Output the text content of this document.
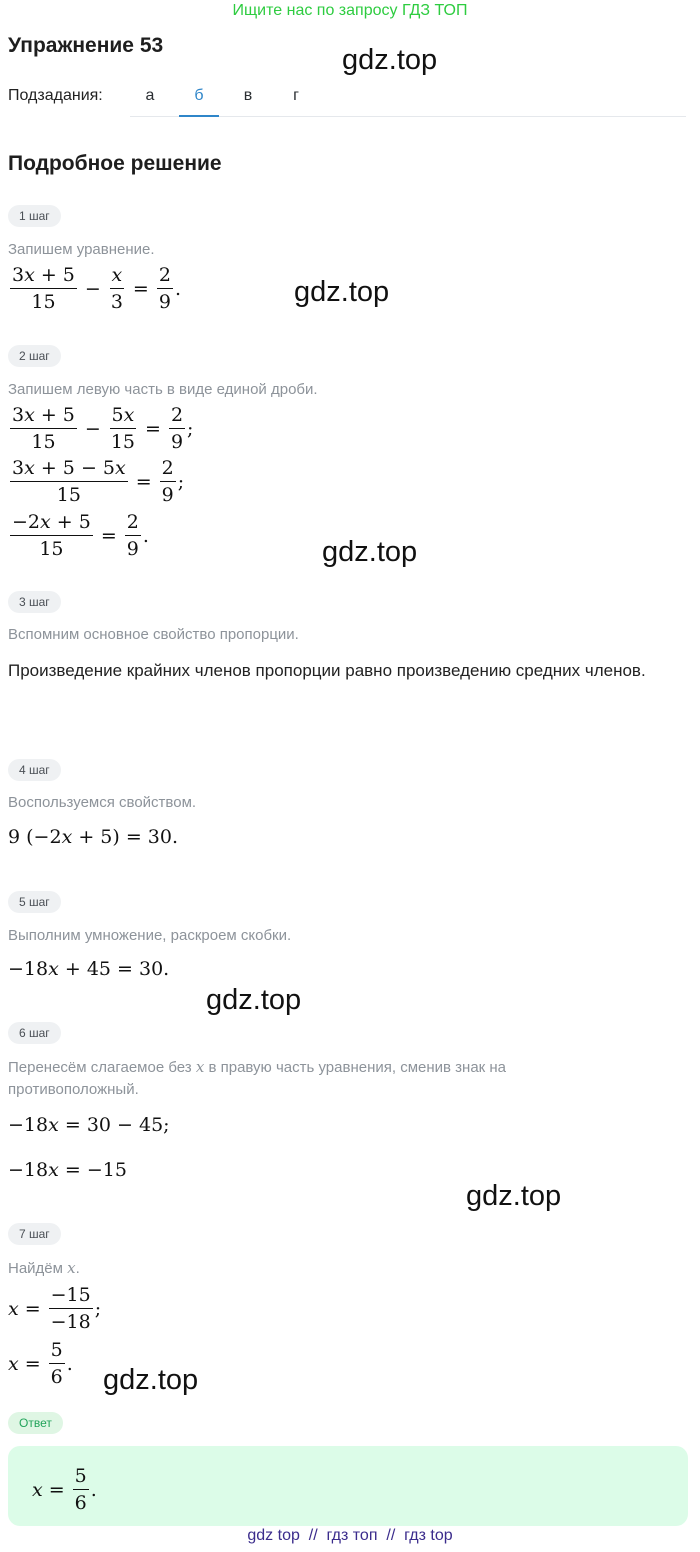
Ищите нас по запросу ГДЗ ТОП
Упражнение 53	gdz.top
gdz.top
gdz.top
gdz.top
gdz.top
gdz.top
Подзадания:	а	б	в	г
Подробное решение
1 шаг
Запишем уравнение.
$\frac{3x + 5}{15} - \frac{x}{3} = \frac{2}{9}$ .
2 шаг
Запишем левую часть в виде единой дроби.
$\frac{3x + 5}{15} - \frac{5x}{15} = \frac{2}{9}$ ;
$\frac{3x + 5 - 5x}{15} = \frac{2}{9}$ ;
$\frac{-2x + 5}{15} = \frac{2}{9}$ .
3 шаг
Вспомним основное свойство пропорции.
Произведение крайних членов пропорции равно произведению средних членов.
4 шаг
Воспользуемся свойством.
9 (−2x + 5) = 30.
5 шаг
Выполним умножение, раскроем скобки.
−18x + 45 = 30.
6 шаг
Перенесём слагаемое без x в правую часть уравнения, сменив знак на
противоположный.
−18x = 30 − 45;
−18x = −15
7 шаг
Найдём x.
$x = \frac{-15}{-18}$ ;
$x = \frac{5}{6}$ .
Ответ
$x = \frac{5}{6}$ .
gdz top  //  гдз топ  //  гдз top
